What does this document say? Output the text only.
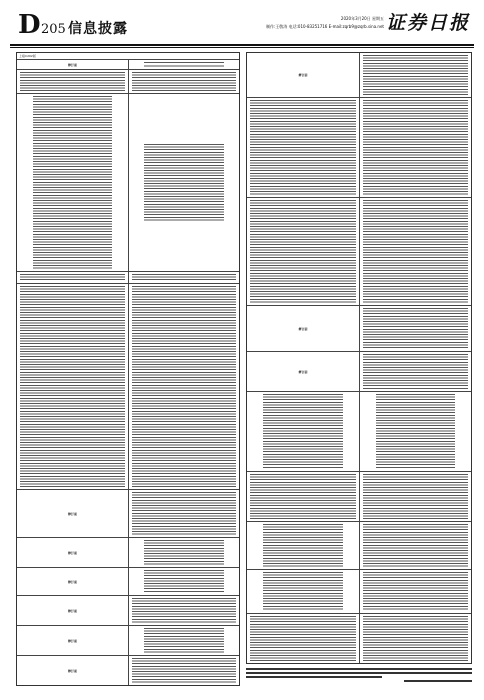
D 205 信息披露
2020年3月20日 星期五
制作:王敬涛 电话:010-83251716 E-mail:zqrb9@zqrb.sina.net 证券日报
上接C202版
修订前
修订前
修订前
修订前
修订前
修订前
修订前
修订前
修订前
修订前
